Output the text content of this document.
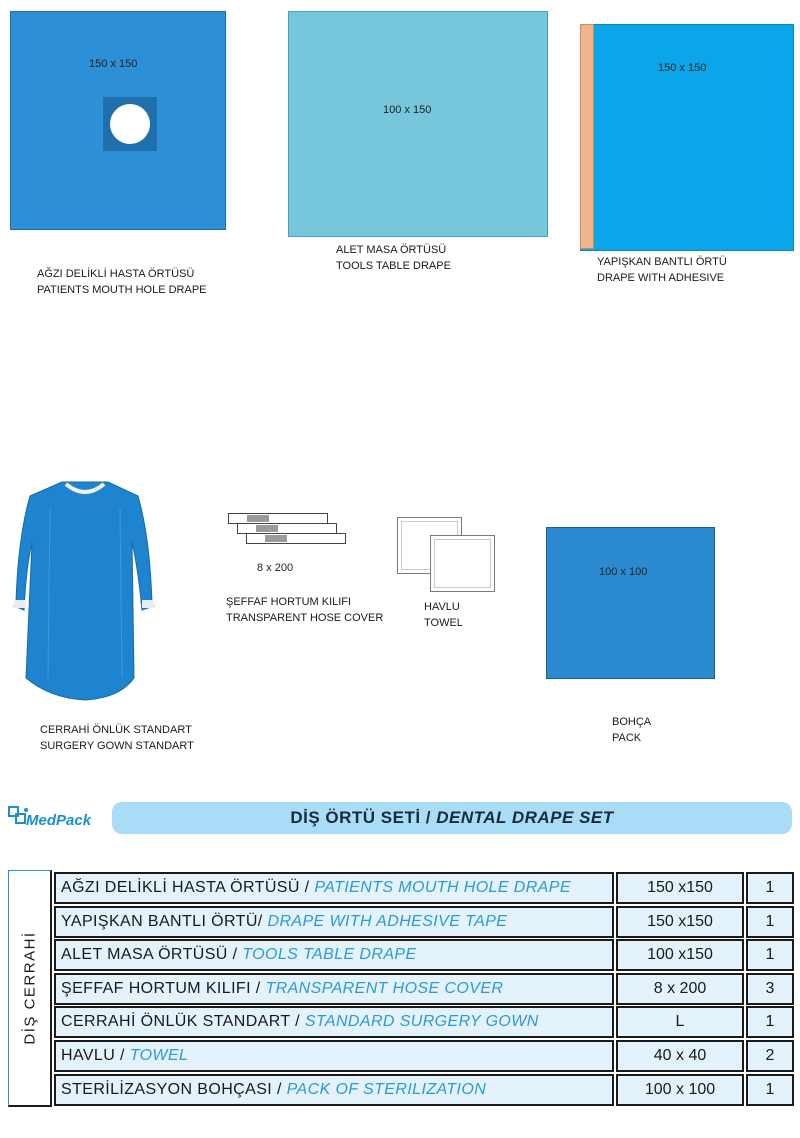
150 x 150
AĞZI DELİKLİ HASTA ÖRTÜSÜ
PATIENTS MOUTH HOLE DRAPE
100 x 150
ALET MASA ÖRTÜSÜ
TOOLS TABLE DRAPE
150 x 150
YAPIŞKAN BANTLI ÖRTÜ
DRAPE WITH ADHESIVE
CERRAHİ ÖNLÜK STANDART
SURGERY GOWN STANDART
8 x 200
ŞEFFAF HORTUM KILIFI
TRANSPARENT HOSE COVER
HAVLU
TOWEL
100 x 100
BOHÇA
PACK
MedPack	DİŞ ÖRTÜ SETİ / DENTAL DRAPE SET
DİŞ CERRAHİ
AĞZI DELİKLİ HASTA ÖRTÜSÜ / PATIENTS MOUTH HOLE DRAPE	150 x150	1
YAPIŞKAN BANTLI ÖRTÜ/ DRAPE WITH ADHESIVE TAPE	150 x150	1
ALET MASA ÖRTÜSÜ / TOOLS TABLE DRAPE	100 x150	1
ŞEFFAF HORTUM KILIFI / TRANSPARENT HOSE COVER	8 x 200	3
CERRAHİ ÖNLÜK STANDART / STANDARD SURGERY GOWN	L	1
HAVLU / TOWEL	40 x 40	2
STERİLİZASYON BOHÇASI / PACK OF STERILIZATION	100 x 100	1
